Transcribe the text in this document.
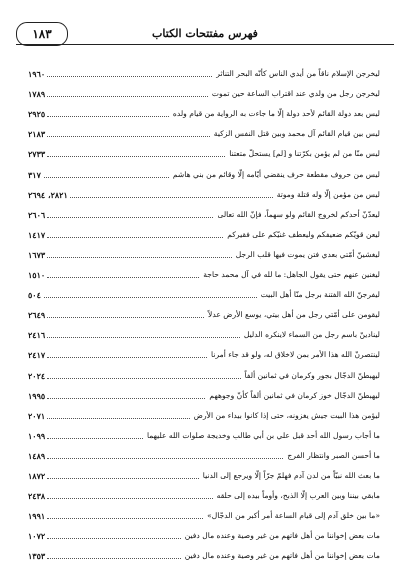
فهرس مفتتحات الكتاب
١٨٣
ليخرجن الإسلام ناقاً من أيدي الناس كأنّه البحر التناثر
١٩٦٠
ليخرجن رجل من ولدي عند اقتراب الساعة حين تموت
١٧٨٩
ليس بعد دولة القائم لأحد دولة إلّا ما جاءت به الرواية من قيام ولده
٢٩٢٥
ليس بين قيام القائم آل محمد وبين قتل النفس الزكية
٢١٨٣
ليس منّا من لم يؤمن بكرّتنا و [لم] يستحلّ متعتنا
٢٧٣٣
ليس من حروف مقطعة حرف ينقضي أيّامه إلّا وقائم من بني هاشم
٣١٧
ليس من مؤمن إلّا وله قتلة وموتة
٢٨٢١، ٢٦٩٤
ليعدّنّ أحدكم لخروج القائم ولو سهماً، فإنّ الله تعالى
٢٦٠٦
ليعن قويّكم ضعيفكم وليعطف غنيّكم على فقيركم
١٤١٧
ليغشينّ أمّتي بعدي فتن يموت فيها قلب الرجل
١٦٧٣
ليغنين عنهم حتى يقول الجاهل: ما لله في آل محمد حاجة
١٥١٠
ليفرجنّ الله الفتنة برجل منّا أهل البيت
٥٠٤
ليقومن على أمّتي رجل من أهل بيتي، يوسع الأرض عدلاً
٢٦٤٩
لينادينّ باسم رجل من السماء لاينكره الدليل
٢٤١٦
لينتصرنّ الله هذا الأمر بمن لاخلاق له، ولو قد جاء أمرنا
٢٤١٧
ليهبطنّ الدجّال بجور وكرمان في ثمانين ألفاً
٢٠٢٤
ليهبطنّ الدجّال خوز كرمان في ثمانين ألفاً كأنّ وجوههم
١٩٩٥
ليؤمن هذا البيت جيش يغزونه، حتى إذا كانوا بيداء من الأرض
٢٠٧١
ما أجاب رسول الله أحد قبل علي بن أبي طالب وخديجة صلوات الله عليهما
١٠٩٩
ما أحسن الصبر وانتظار الفرج
١٤٨٩
ما بعث الله نبيّاً من لدن آدم فهلمّ جرّاً إلّا ويرجع إلى الدنيا
١٨٧٢
مابقي بيننا وبين العرب إلّا الذبح، وأوماً بيده إلى حلقه
٢٤٣٨
«ما بين خلق آدم إلى قيام الساعة أمر أكبر من الدجّال»
١٩٩١
مات بعض إخواننا من أهل فاتهم من غير وصية وعنده مال دفين
١٠٧٢
مات بعض إخواننا من أهل فاتهم من غير وصية وعنده مال دفين
١٣٥٣
